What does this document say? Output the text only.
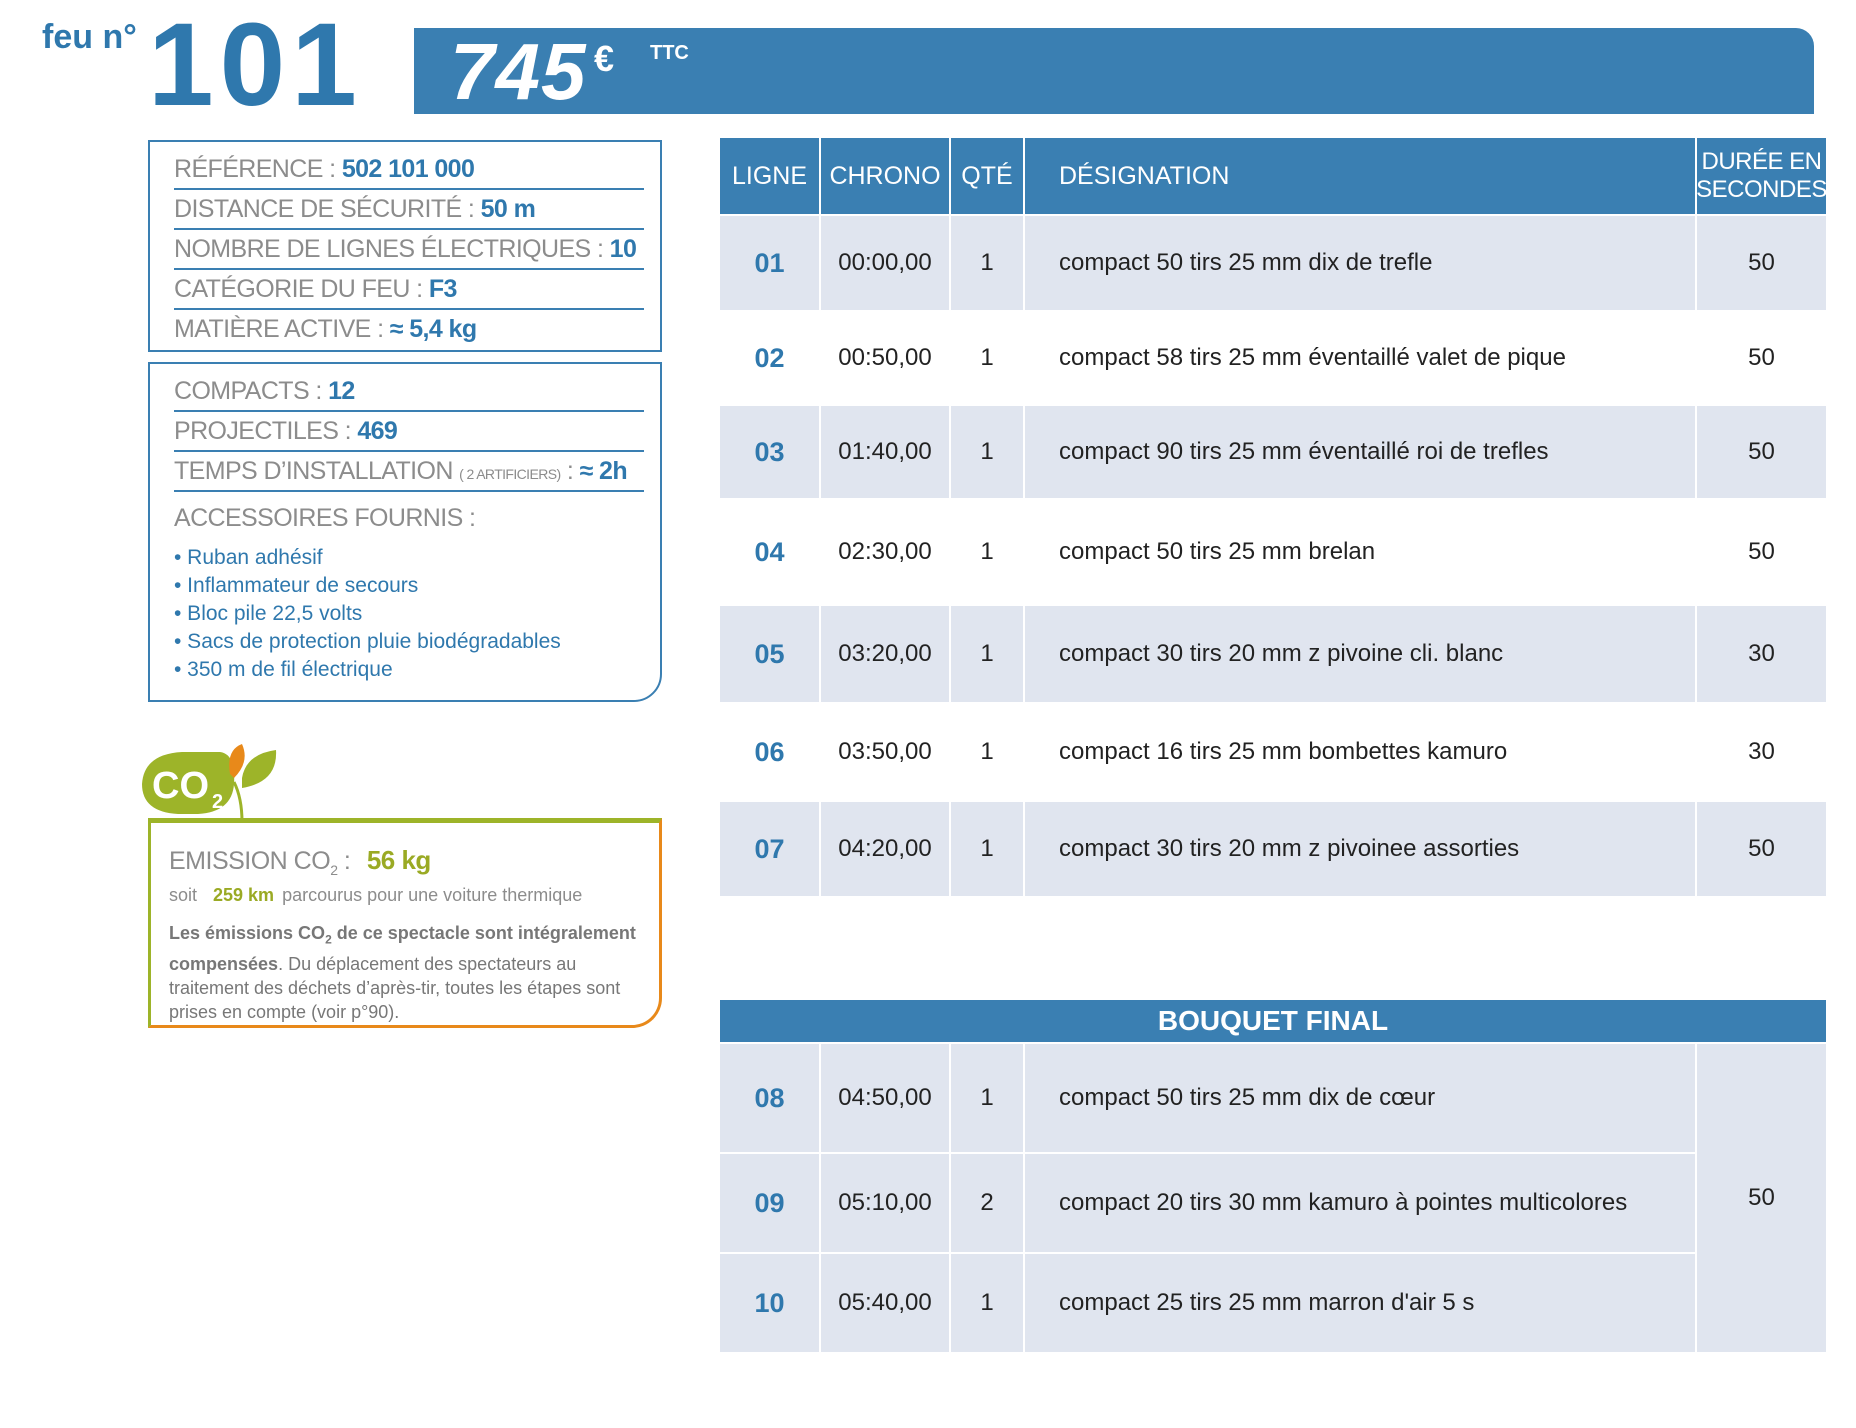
feu n° 101 745 € TTC
RÉFÉRENCE : 502 101 000
DISTANCE DE SÉCURITÉ : 50 m
NOMBRE DE LIGNES ÉLECTRIQUES : 10
CATÉGORIE DU FEU : F3
MATIÈRE ACTIVE : ≈ 5,4 kg
COMPACTS : 12
PROJECTILES : 469
TEMPS D’INSTALLATION ( 2 ARTIFICIERS) : ≈ 2h
ACCESSOIRES FOURNIS :
• Ruban adhésif
• Inflammateur de secours
• Bloc pile 22,5 volts
• Sacs de protection pluie biodégradables
• 350 m de fil électrique
CO 2
EMISSION $CO_2$ : 56 kg
soit 259 km parcourus pour une voiture thermique
Les émissions $CO_2$ de ce spectacle sont intégralement compensées. Du déplacement des spectateurs au traitement des déchets d’après-tir, toutes les étapes sont prises en compte (voir p°90).
LIGNE CHRONO QTÉ	DÉSIGNATION	DURÉE EN
SECONDES
01	00:00,00	1	compact 50 tirs 25 mm dix de trefle	50
02	00:50,00	1	compact 58 tirs 25 mm éventaillé valet de pique	50
03	01:40,00	1	compact 90 tirs 25 mm éventaillé roi de trefles	50
04	02:30,00	1	compact 50 tirs 25 mm brelan	50
05	03:20,00	1	compact 30 tirs 20 mm z pivoine cli. blanc	30
06	03:50,00	1	compact 16 tirs 25 mm bombettes kamuro	30
07	04:20,00	1	compact 30 tirs 20 mm z pivoinee assorties	50
BOUQUET FINAL
08	04:50,00	1	compact 50 tirs 25 mm dix de cœur
09	05:10,00	2	compact 20 tirs 30 mm kamuro à pointes multicolores
10	05:40,00	1	compact 25 tirs 25 mm marron d'air 5 s
50
